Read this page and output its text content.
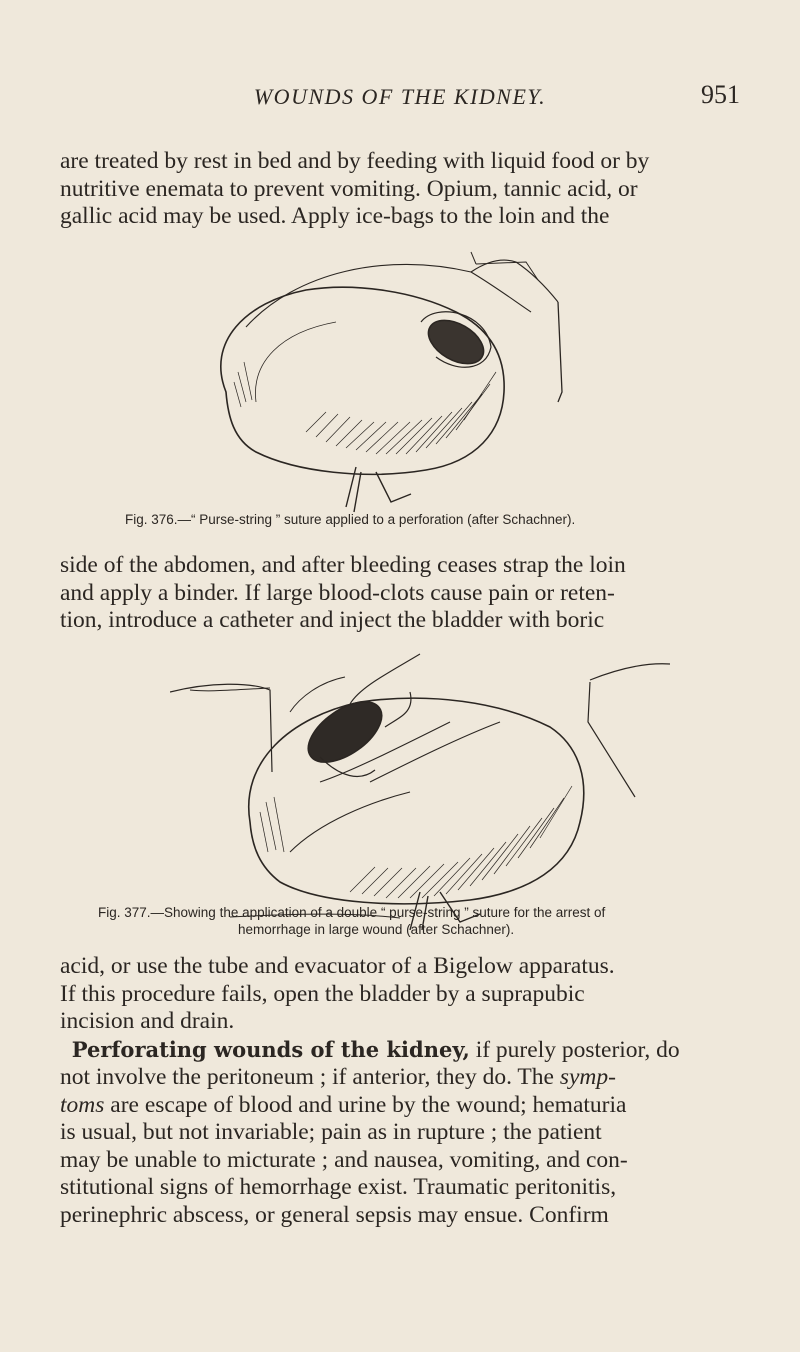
WOUNDS OF THE KIDNEY.	951

are treated by rest in bed and by feeding with liquid food or by
nutritive enemata to prevent vomiting. Opium, tannic acid, or
gallic acid may be used. Apply ice-bags to the loin and the

Fig. 376.—“ Purse-string ” suture applied to a perforation (after Schachner).

side of the abdomen, and after bleeding ceases strap the loin
and apply a binder. If large blood-clots cause pain or reten-
tion, introduce a catheter and inject the bladder with boric

Fig. 377.—Showing the application of a double “ purse-string ” suture for the arrest of
hemorrhage in large wound (after Schachner).

acid, or use the tube and evacuator of a Bigelow apparatus.
If this procedure fails, open the bladder by a suprapubic
incision and drain.
Perforating wounds of the kidney, if purely posterior, do
not involve the peritoneum ; if anterior, they do. The symp-
toms are escape of blood and urine by the wound; hematuria
is usual, but not invariable; pain as in rupture ; the patient
may be unable to micturate ; and nausea, vomiting, and con-
stitutional signs of hemorrhage exist. Traumatic peritonitis,
perinephric abscess, or general sepsis may ensue. Confirm
